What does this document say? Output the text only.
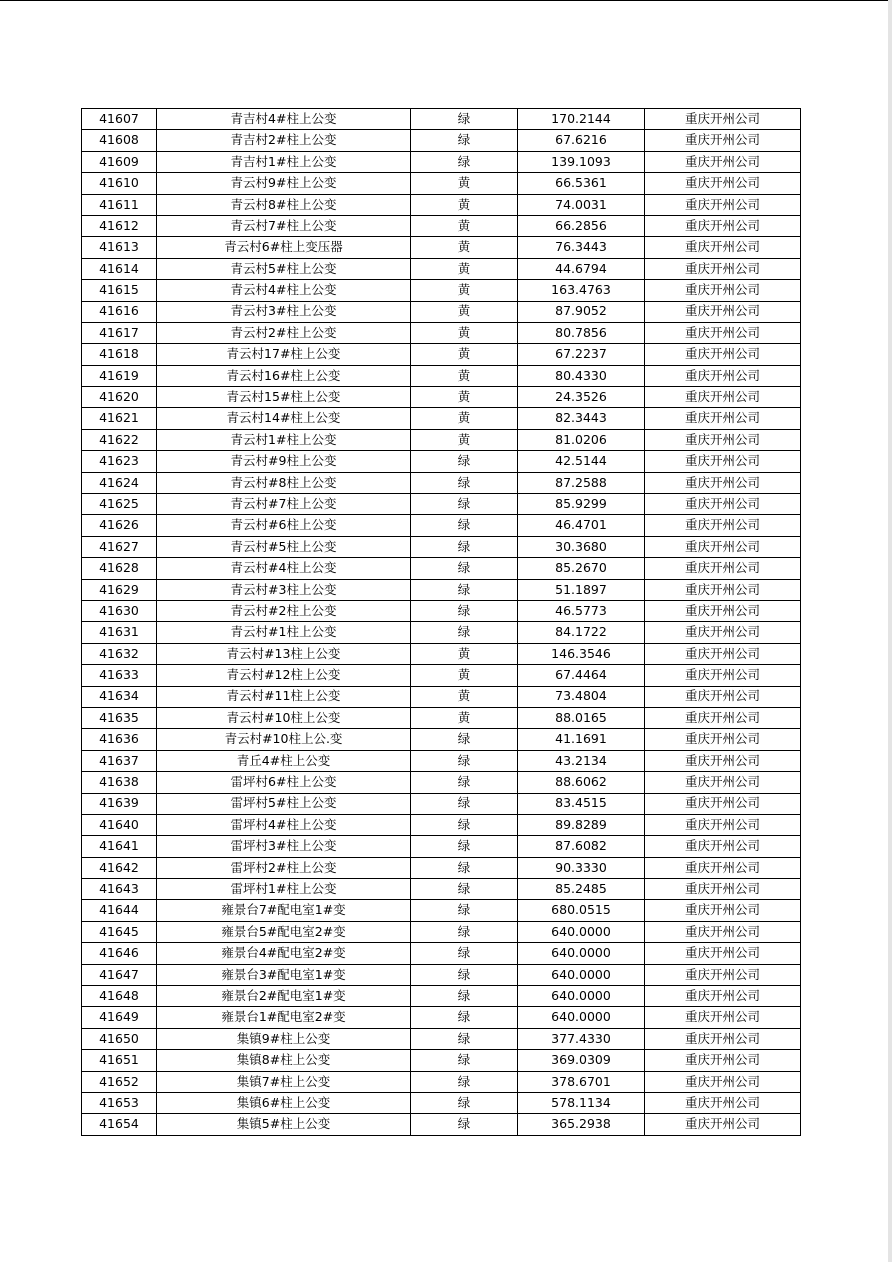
41607	青吉村4#柱上公变	绿	170.2144	重庆开州公司
41608	青吉村2#柱上公变	绿	67.6216	重庆开州公司
41609	青吉村1#柱上公变	绿	139.1093	重庆开州公司
41610	青云村9#柱上公变	黄	66.5361	重庆开州公司
41611	青云村8#柱上公变	黄	74.0031	重庆开州公司
41612	青云村7#柱上公变	黄	66.2856	重庆开州公司
41613	青云村6#柱上变压器	黄	76.3443	重庆开州公司
41614	青云村5#柱上公变	黄	44.6794	重庆开州公司
41615	青云村4#柱上公变	黄	163.4763	重庆开州公司
41616	青云村3#柱上公变	黄	87.9052	重庆开州公司
41617	青云村2#柱上公变	黄	80.7856	重庆开州公司
41618	青云村17#柱上公变	黄	67.2237	重庆开州公司
41619	青云村16#柱上公变	黄	80.4330	重庆开州公司
41620	青云村15#柱上公变	黄	24.3526	重庆开州公司
41621	青云村14#柱上公变	黄	82.3443	重庆开州公司
41622	青云村1#柱上公变	黄	81.0206	重庆开州公司
41623	青云村#9柱上公变	绿	42.5144	重庆开州公司
41624	青云村#8柱上公变	绿	87.2588	重庆开州公司
41625	青云村#7柱上公变	绿	85.9299	重庆开州公司
41626	青云村#6柱上公变	绿	46.4701	重庆开州公司
41627	青云村#5柱上公变	绿	30.3680	重庆开州公司
41628	青云村#4柱上公变	绿	85.2670	重庆开州公司
41629	青云村#3柱上公变	绿	51.1897	重庆开州公司
41630	青云村#2柱上公变	绿	46.5773	重庆开州公司
41631	青云村#1柱上公变	绿	84.1722	重庆开州公司
41632	青云村#13柱上公变	黄	146.3546	重庆开州公司
41633	青云村#12柱上公变	黄	67.4464	重庆开州公司
41634	青云村#11柱上公变	黄	73.4804	重庆开州公司
41635	青云村#10柱上公变	黄	88.0165	重庆开州公司
41636	青云村#10柱上公.变	绿	41.1691	重庆开州公司
41637	青丘4#柱上公变	绿	43.2134	重庆开州公司
41638	雷坪村6#柱上公变	绿	88.6062	重庆开州公司
41639	雷坪村5#柱上公变	绿	83.4515	重庆开州公司
41640	雷坪村4#柱上公变	绿	89.8289	重庆开州公司
41641	雷坪村3#柱上公变	绿	87.6082	重庆开州公司
41642	雷坪村2#柱上公变	绿	90.3330	重庆开州公司
41643	雷坪村1#柱上公变	绿	85.2485	重庆开州公司
41644	雍景台7#配电室1#变	绿	680.0515	重庆开州公司
41645	雍景台5#配电室2#变	绿	640.0000	重庆开州公司
41646	雍景台4#配电室2#变	绿	640.0000	重庆开州公司
41647	雍景台3#配电室1#变	绿	640.0000	重庆开州公司
41648	雍景台2#配电室1#变	绿	640.0000	重庆开州公司
41649	雍景台1#配电室2#变	绿	640.0000	重庆开州公司
41650	集镇9#柱上公变	绿	377.4330	重庆开州公司
41651	集镇8#柱上公变	绿	369.0309	重庆开州公司
41652	集镇7#柱上公变	绿	378.6701	重庆开州公司
41653	集镇6#柱上公变	绿	578.1134	重庆开州公司
41654	集镇5#柱上公变	绿	365.2938	重庆开州公司
